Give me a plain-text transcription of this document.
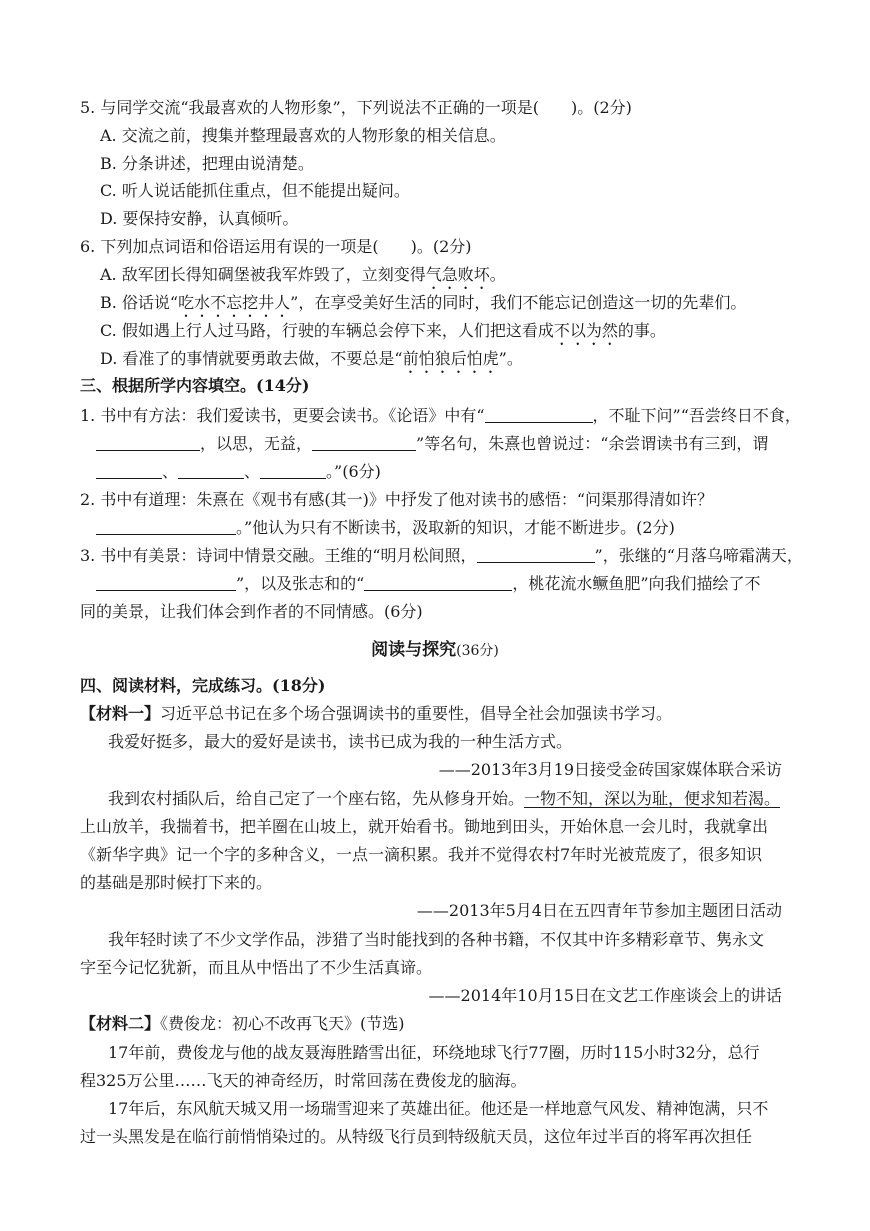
5. 与同学交流“我最喜欢的人物形象”，下列说法不正确的一项是(　　)。(2分)
A. 交流之前，搜集并整理最喜欢的人物形象的相关信息。
B. 分条讲述，把理由说清楚。
C. 听人说话能抓住重点，但不能提出疑问。
D. 要保持安静，认真倾听。
6. 下列加点词语和俗语运用有误的一项是(　　)。(2分)
A. 敌军团长得知碉堡被我军炸毁了，立刻变得气急败坏。
B. 俗话说“吃水不忘挖井人”，在享受美好生活的同时，我们不能忘记创造这一切的先辈们。
C. 假如遇上行人过马路，行驶的车辆总会停下来，人们把这看成不以为然的事。
D. 看准了的事情就要勇敢去做，不要总是“前怕狼后怕虎”。
三、根据所学内容填空。(14分)
1. 书中有方法：我们爱读书，更要会读书。《论语》中有“	，不耻下问”“吾尝终日不食，
，以思，无益，	”等名句，朱熹也曾说过：“余尝谓读书有三到，谓
、	、	。”(6分)
2. 书中有道理：朱熹在《观书有感(其一)》中抒发了他对读书的感悟：“问渠那得清如许？
。”他认为只有不断读书，汲取新的知识，才能不断进步。(2分)
3. 书中有美景：诗词中情景交融。王维的“明月松间照，	”，张继的“月落乌啼霜满天，
”，以及张志和的“	，桃花流水鳜鱼肥”向我们描绘了不
同的美景，让我们体会到作者的不同情感。(6分)
阅读与探究(36分)
四、阅读材料，完成练习。(18分)
【材料一】习近平总书记在多个场合强调读书的重要性，倡导全社会加强读书学习。
我爱好挺多，最大的爱好是读书，读书已成为我的一种生活方式。
——2013年3月19日接受金砖国家媒体联合采访
我到农村插队后，给自己定了一个座右铭，先从修身开始。一物不知，深以为耻，便求知若渴。
上山放羊，我揣着书，把羊圈在山坡上，就开始看书。锄地到田头，开始休息一会儿时，我就拿出
《新华字典》记一个字的多种含义，一点一滴积累。我并不觉得农村7年时光被荒废了，很多知识
的基础是那时候打下来的。
——2013年5月4日在五四青年节参加主题团日活动
我年轻时读了不少文学作品，涉猎了当时能找到的各种书籍，不仅其中许多精彩章节、隽永文
字至今记忆犹新，而且从中悟出了不少生活真谛。
——2014年10月15日在文艺工作座谈会上的讲话
【材料二】《费俊龙：初心不改再飞天》(节选)
17年前，费俊龙与他的战友聂海胜踏雪出征，环绕地球飞行77圈，历时115小时32分，总行
程325万公里……飞天的神奇经历，时常回荡在费俊龙的脑海。
17年后，东风航天城又用一场瑞雪迎来了英雄出征。他还是一样地意气风发、精神饱满，只不
过一头黑发是在临行前悄悄染过的。从特级飞行员到特级航天员，这位年过半百的将军再次担任
